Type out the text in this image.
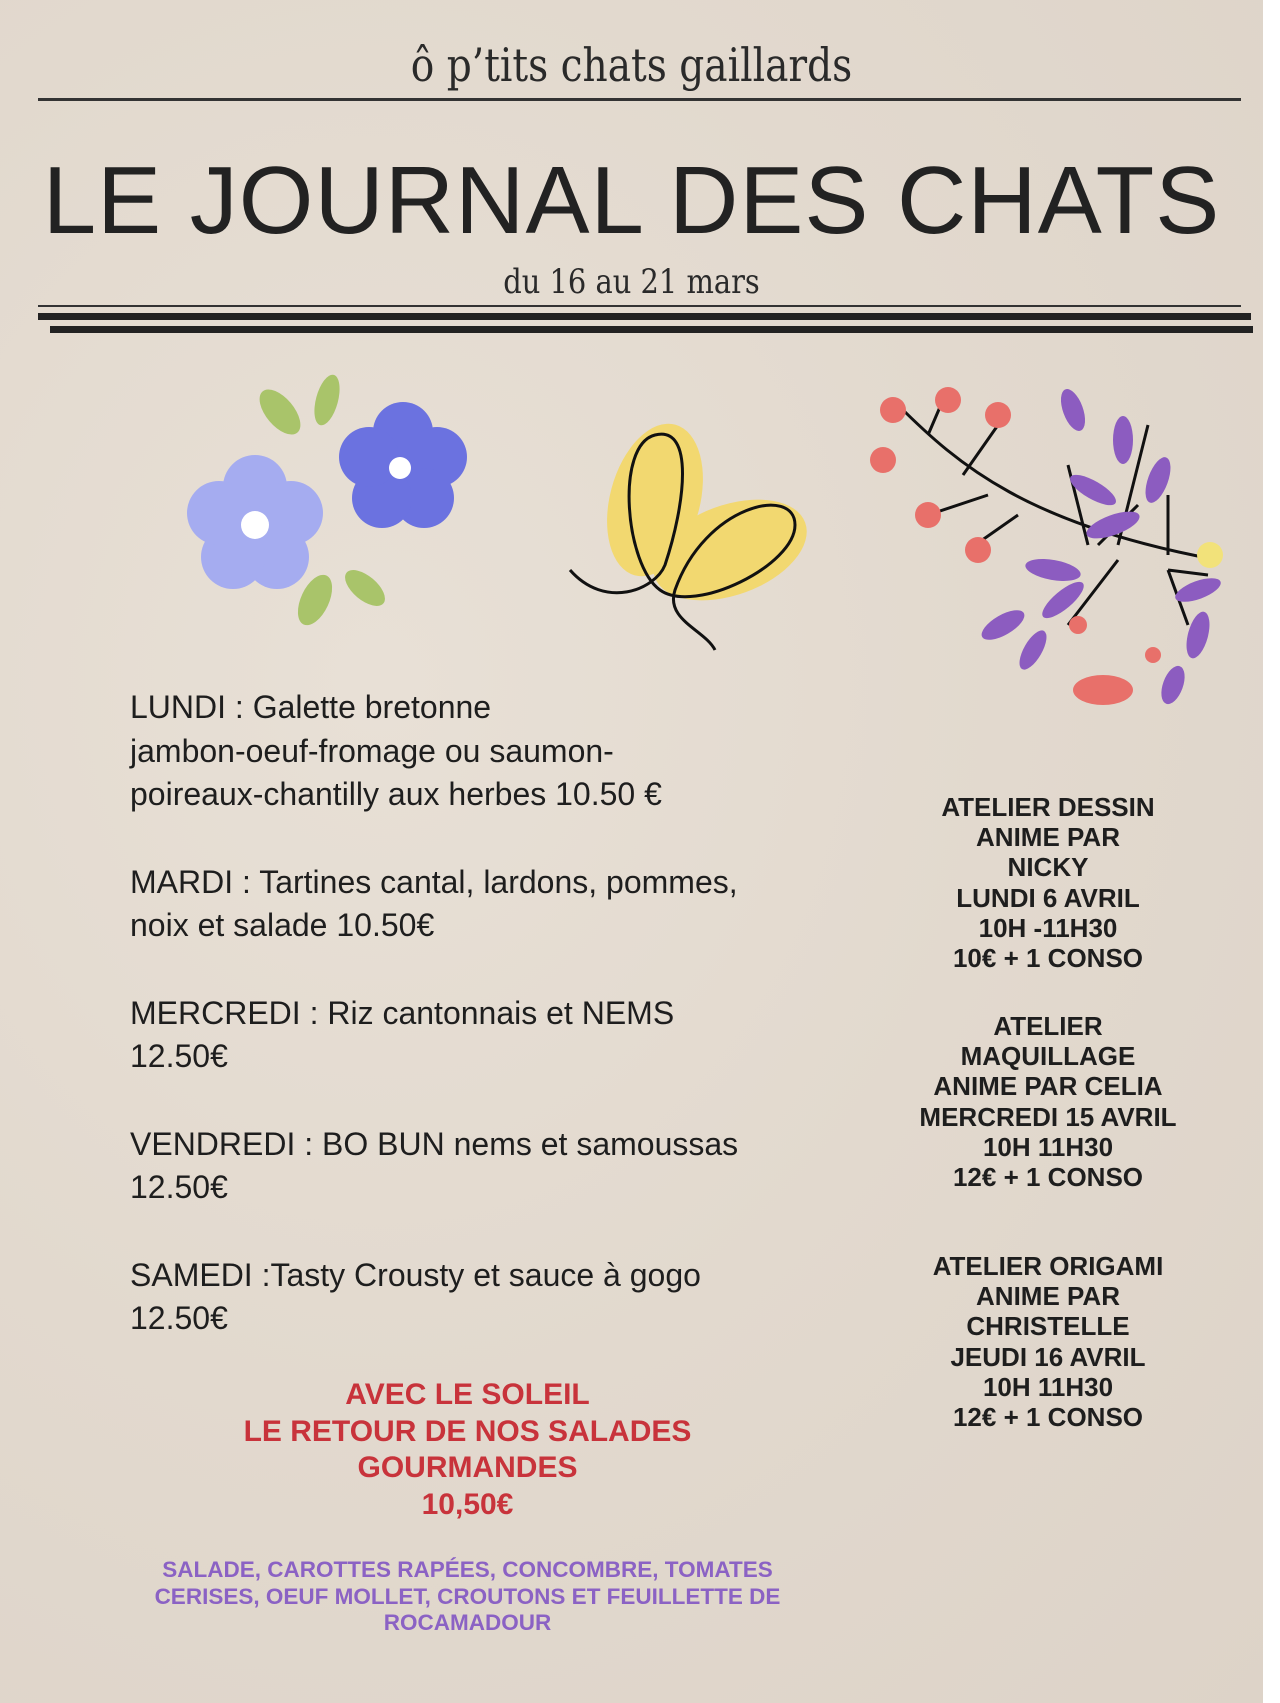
ô p’tits chats gaillards
LE JOURNAL DES CHATS
du 16 au 21 mars

LUNDI : Galette bretonne
jambon-oeuf-fromage ou saumon-
poireaux-chantilly aux herbes 10.50 €

MARDI : Tartines cantal, lardons, pommes,
noix et salade 10.50€

MERCREDI : Riz cantonnais et NEMS
12.50€

VENDREDI : BO BUN nems et samoussas
12.50€

SAMEDI :Tasty Crousty et sauce à gogo
12.50€

AVEC LE SOLEIL
LE RETOUR DE NOS SALADES
GOURMANDES
10,50€
SALADE, CAROTTES RAPÉES, CONCOMBRE, TOMATES
CERISES, OEUF MOLLET, CROUTONS ET FEUILLETTE DE
ROCAMADOUR
ATELIER DESSIN
ANIME PAR
NICKY
LUNDI 6 AVRIL
10H -11H30
10€ + 1 CONSO
ATELIER
MAQUILLAGE
ANIME PAR CELIA
MERCREDI 15 AVRIL
10H 11H30
12€ + 1 CONSO
ATELIER ORIGAMI
ANIME PAR
CHRISTELLE
JEUDI 16 AVRIL
10H 11H30
12€ + 1 CONSO
